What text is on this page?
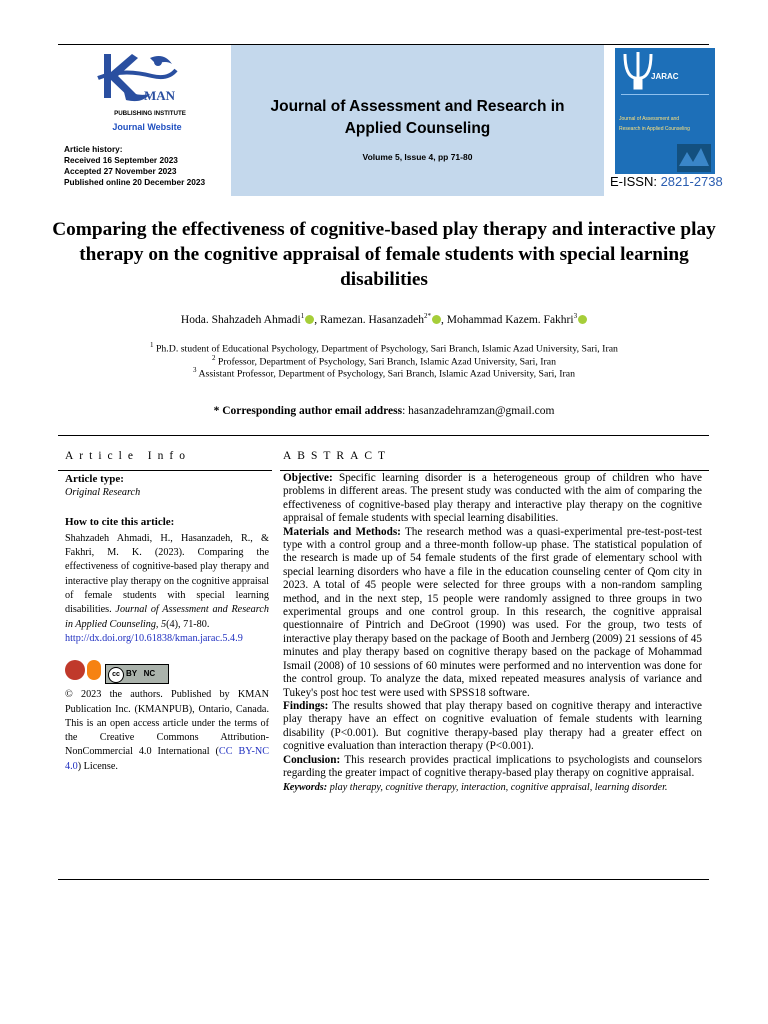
MAN
PUBLISHING INSTITUTE
Journal Website
Article history:
Received 16 September 2023
Accepted 27 November 2023
Published online 20 December 2023
Journal of Assessment and Research in
Applied Counseling
Volume 5, Issue 4, pp 71-80
JARAC
Journal of Assessment and
Research in Applied Counseling
E-ISSN: 2821-2738
Comparing the effectiveness of cognitive-based play therapy and interactive play therapy on the cognitive appraisal of female students with special learning disabilities
Hoda. Shahzadeh Ahmadi$^1$ , Ramezan. Hasanzadeh$^{2*}$ , Mohammad Kazem. Fakhri$^3$
$^1$ Ph.D. student of Educational Psychology, Department of Psychology, Sari Branch, Islamic Azad University, Sari, Iran
$^2$ Professor, Department of Psychology, Sari Branch, Islamic Azad University, Sari, Iran
$^3$ Assistant Professor, Department of Psychology, Sari Branch, Islamic Azad University, Sari, Iran
* Corresponding author email address: hasanzadehramzan@gmail.com
Article Info	ABSTRACT
Article type:
Original Research
How to cite this article:
Shahzadeh Ahmadi, H., Hasanzadeh, R., & Fakhri, M. K. (2023). Comparing the effectiveness of cognitive-based play therapy and interactive play therapy on the cognitive appraisal of female students with special learning disabilities. Journal of Assessment and Research in Applied Counseling, 5(4), 71-80.
http://dx.doi.org/10.61838/kman.jarac.5.4.9
cc BY   NC
© 2023 the authors. Published by KMAN Publication Inc. (KMANPUB), Ontario, Canada. This is an open access article under the terms of the Creative Commons Attribution-NonCommercial 4.0 International (CC BY-NC 4.0) License.

Objective: Specific learning disorder is a heterogeneous group of children who have problems in different areas. The present study was conducted with the aim of comparing the effectiveness of cognitive-based play therapy and interactive play therapy on the cognitive appraisal of female students with special learning disabilities.

Materials and Methods: The research method was a quasi-experimental pre-test-post-test type with a control group and a three-month follow-up phase. The statistical population of the research is made up of 54 female students of the first grade of elementary school with special learning disorders who have a file in the education counseling center of Qom city in 2023. A total of 45 people were selected for three groups with a non-random sampling method, and in the next step, 15 people were randomly assigned to three groups in two experimental groups and one control group. In this research, the cognitive appraisal questionnaire of Pintrich and DeGroot (1990) was used. For the group, two tests of interactive play therapy based on the package of Booth and Jernberg (2009) 21 sessions of 45 minutes and play therapy based on cognitive therapy based on the package of Mohammad Ismail (2008) of 10 sessions of 60 minutes were performed and no intervention was done for the control group. To analyze the data, mixed repeated measures analysis of variance and Tukey's post hoc test were used with SPSS18 software.

Findings: The results showed that play therapy based on cognitive therapy and interactive play therapy have an effect on cognitive evaluation of female students with learning disability (P<0.001). But cognitive therapy-based play therapy had a greater effect on cognitive evaluation than interaction therapy (P<0.001).

Conclusion: This research provides practical implications to psychologists and counselors regarding the greater impact of cognitive therapy-based play therapy on cognitive appraisal.

Keywords: play therapy, cognitive therapy, interaction, cognitive appraisal, learning disorder.
